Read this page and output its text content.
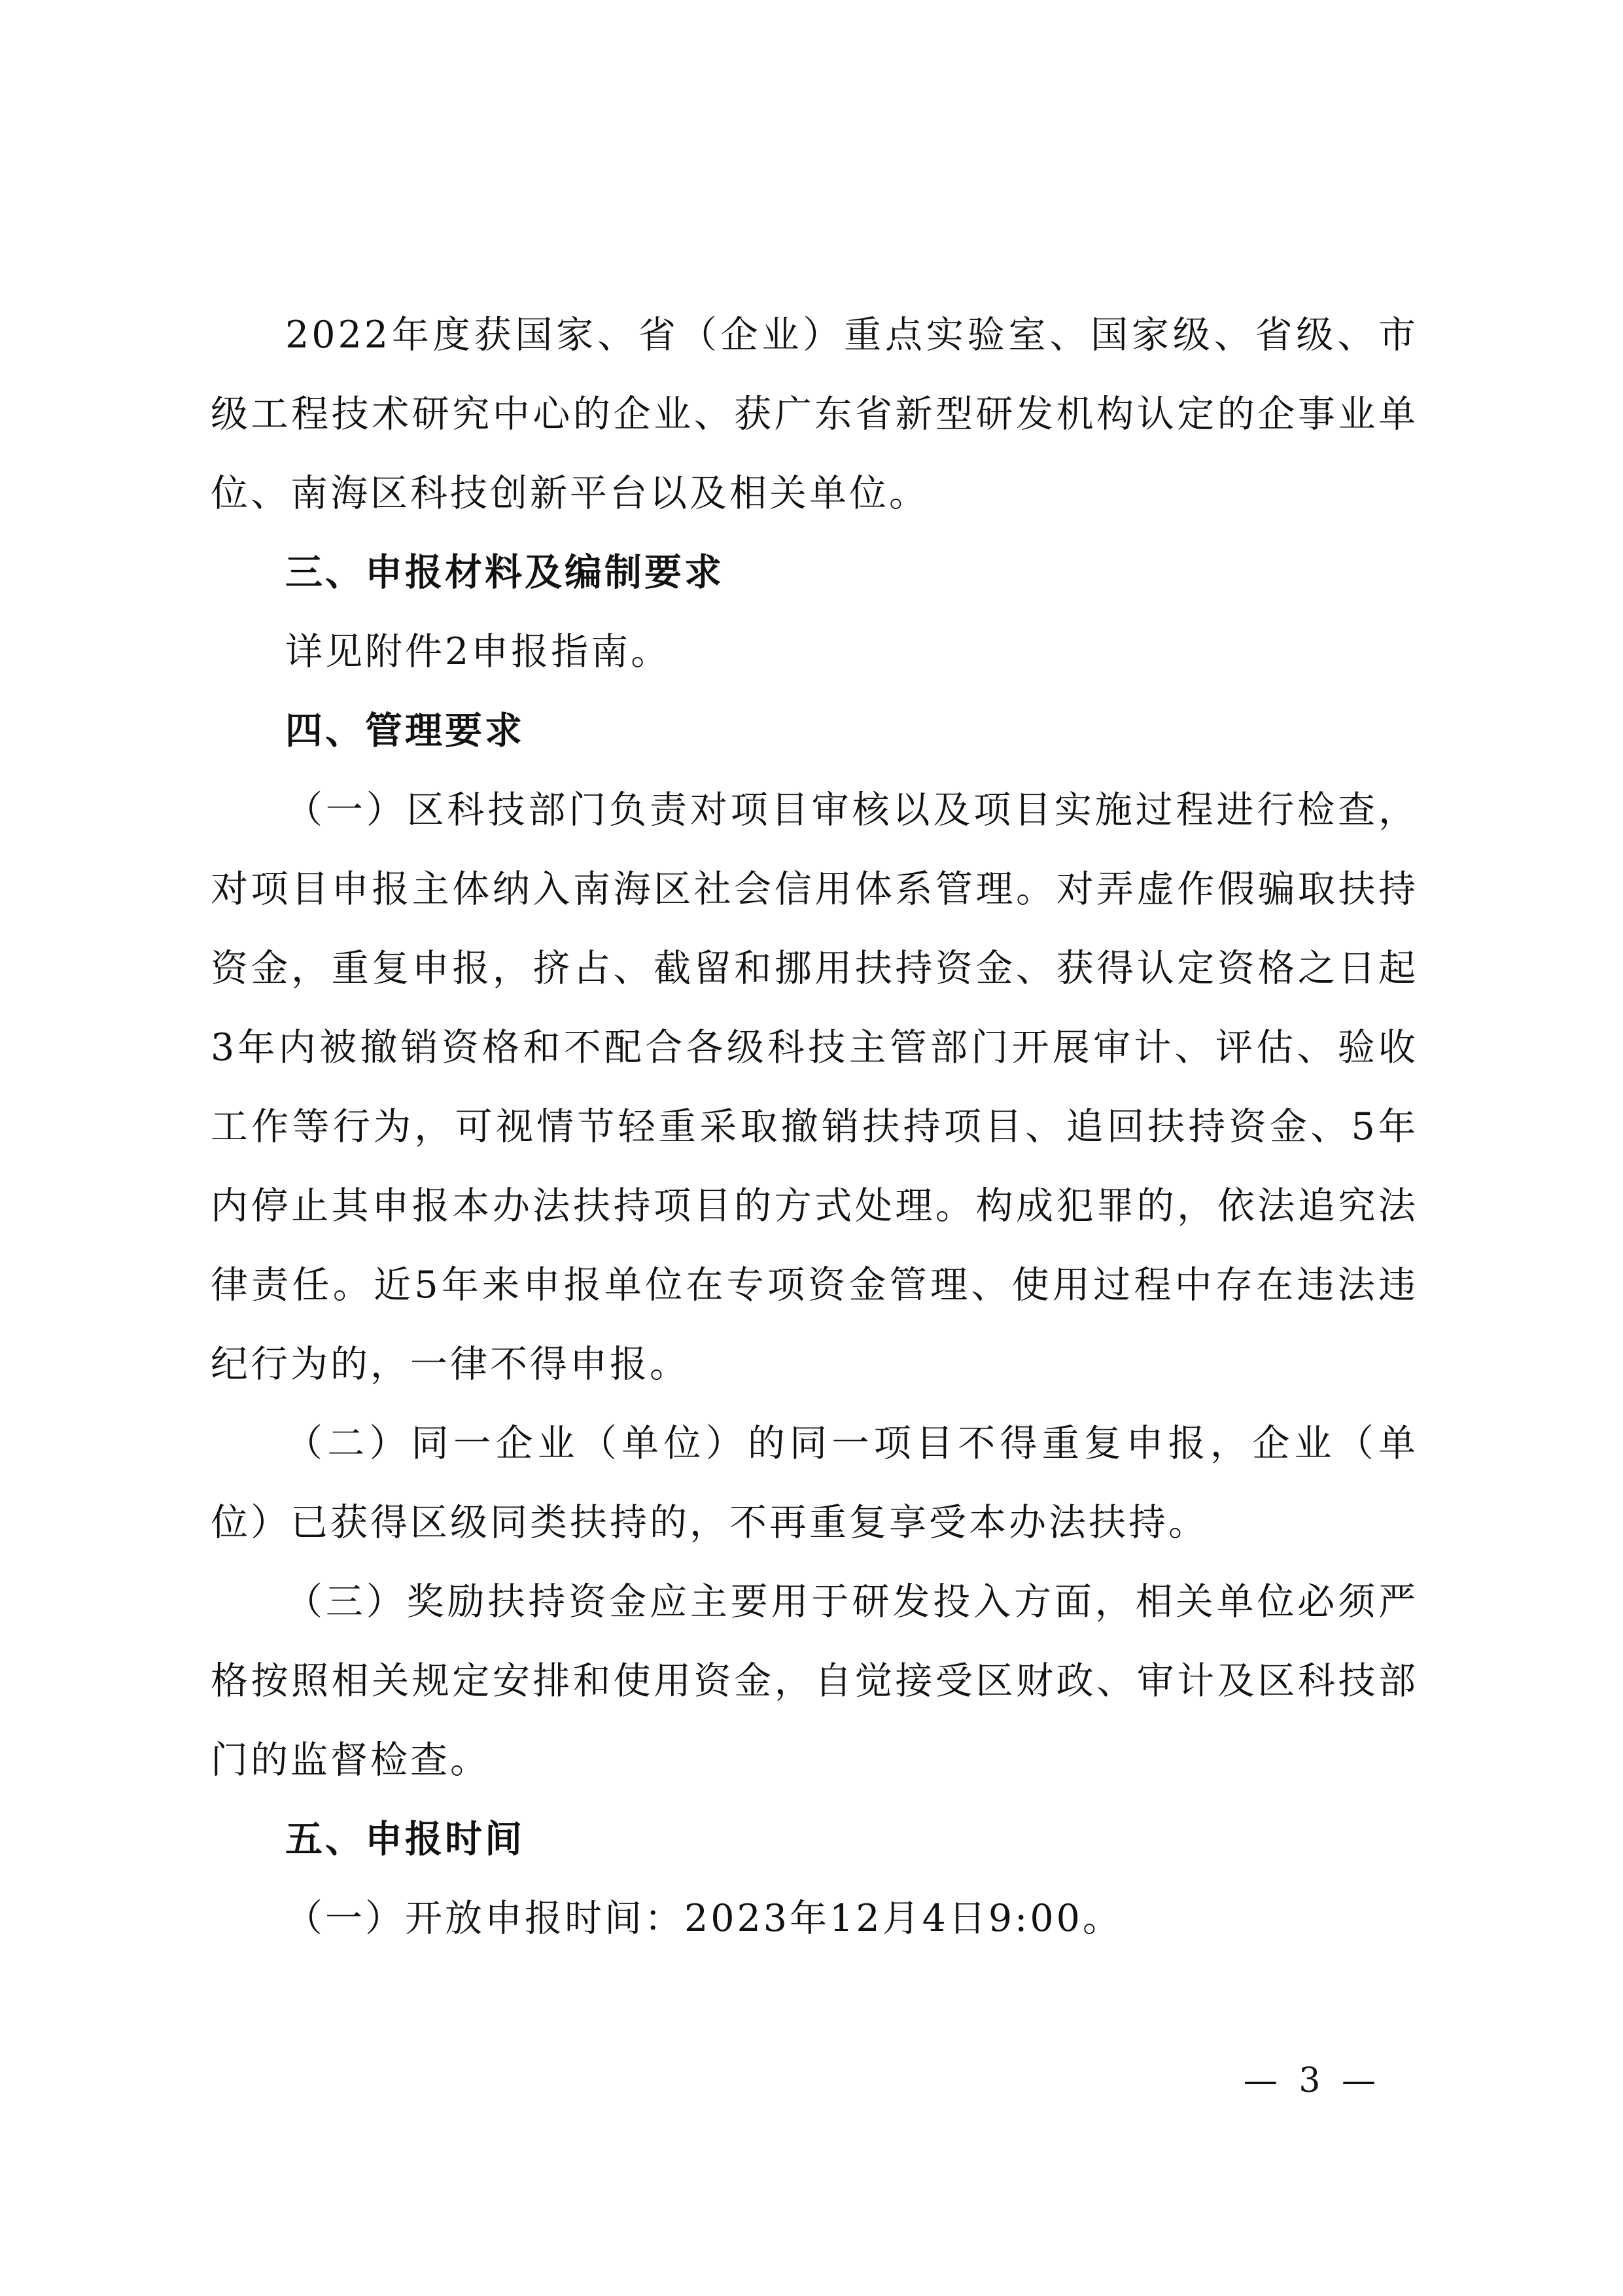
2022年度获国家、省（企业）重点实验室、国家级、省级、市级工程技术研究中心的企业、获广东省新型研发机构认定的企事业单位、南海区科技创新平台以及相关单位。

三、申报材料及编制要求

详见附件2申报指南。

四、管理要求

（一）区科技部门负责对项目审核以及项目实施过程进行检查，对项目申报主体纳入南海区社会信用体系管理。对弄虚作假骗取扶持资金，重复申报，挤占、截留和挪用扶持资金、获得认定资格之日起3年内被撤销资格和不配合各级科技主管部门开展审计、评估、验收工作等行为，可视情节轻重采取撤销扶持项目、追回扶持资金、5年内停止其申报本办法扶持项目的方式处理。构成犯罪的，依法追究法律责任。近5年来申报单位在专项资金管理、使用过程中存在违法违纪行为的，一律不得申报。

（二）同一企业（单位）的同一项目不得重复申报，企业（单位）已获得区级同类扶持的，不再重复享受本办法扶持。

（三）奖励扶持资金应主要用于研发投入方面，相关单位必须严格按照相关规定安排和使用资金，自觉接受区财政、审计及区科技部门的监督检查。

五、申报时间

（一）开放申报时间：2023年12月4日9:00。

— 3 —
